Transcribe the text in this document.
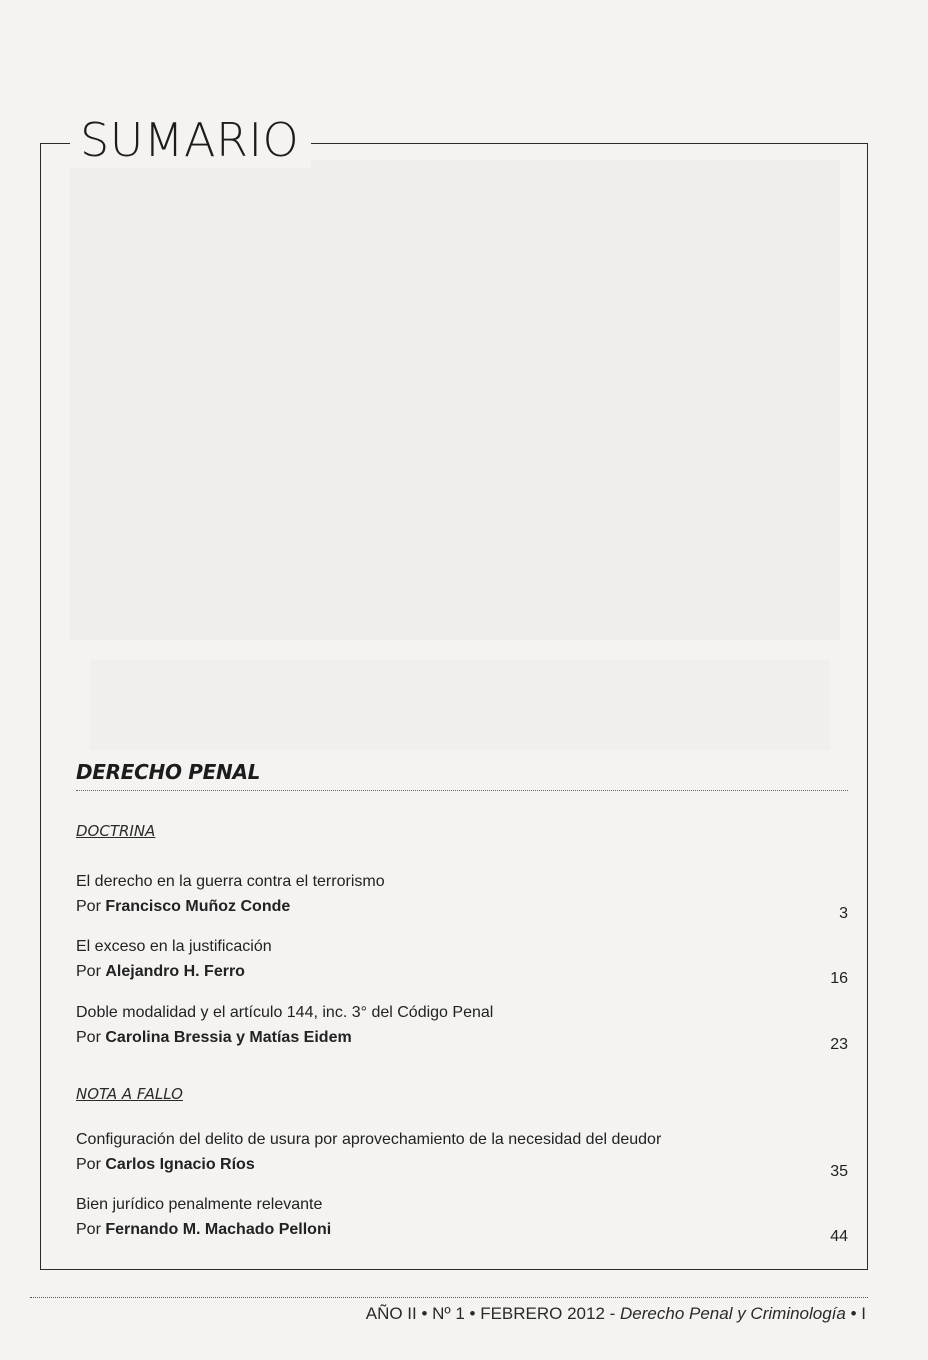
SUMARIO
DERECHO PENAL
DOCTRINA
El derecho en la guerra contra el terrorismo
Por Francisco Muñoz Conde	3
El exceso en la justificación
Por Alejandro H. Ferro	16
Doble modalidad y el artículo 144, inc. 3° del Código Penal
Por Carolina Bressia y Matías Eidem	23
NOTA A FALLO
Configuración del delito de usura por aprovechamiento de la necesidad del deudor
Por Carlos Ignacio Ríos	35
Bien jurídico penalmente relevante
Por Fernando M. Machado Pelloni	44
AÑO II • Nº 1 • FEBRERO 2012 - Derecho Penal y Criminología • I
